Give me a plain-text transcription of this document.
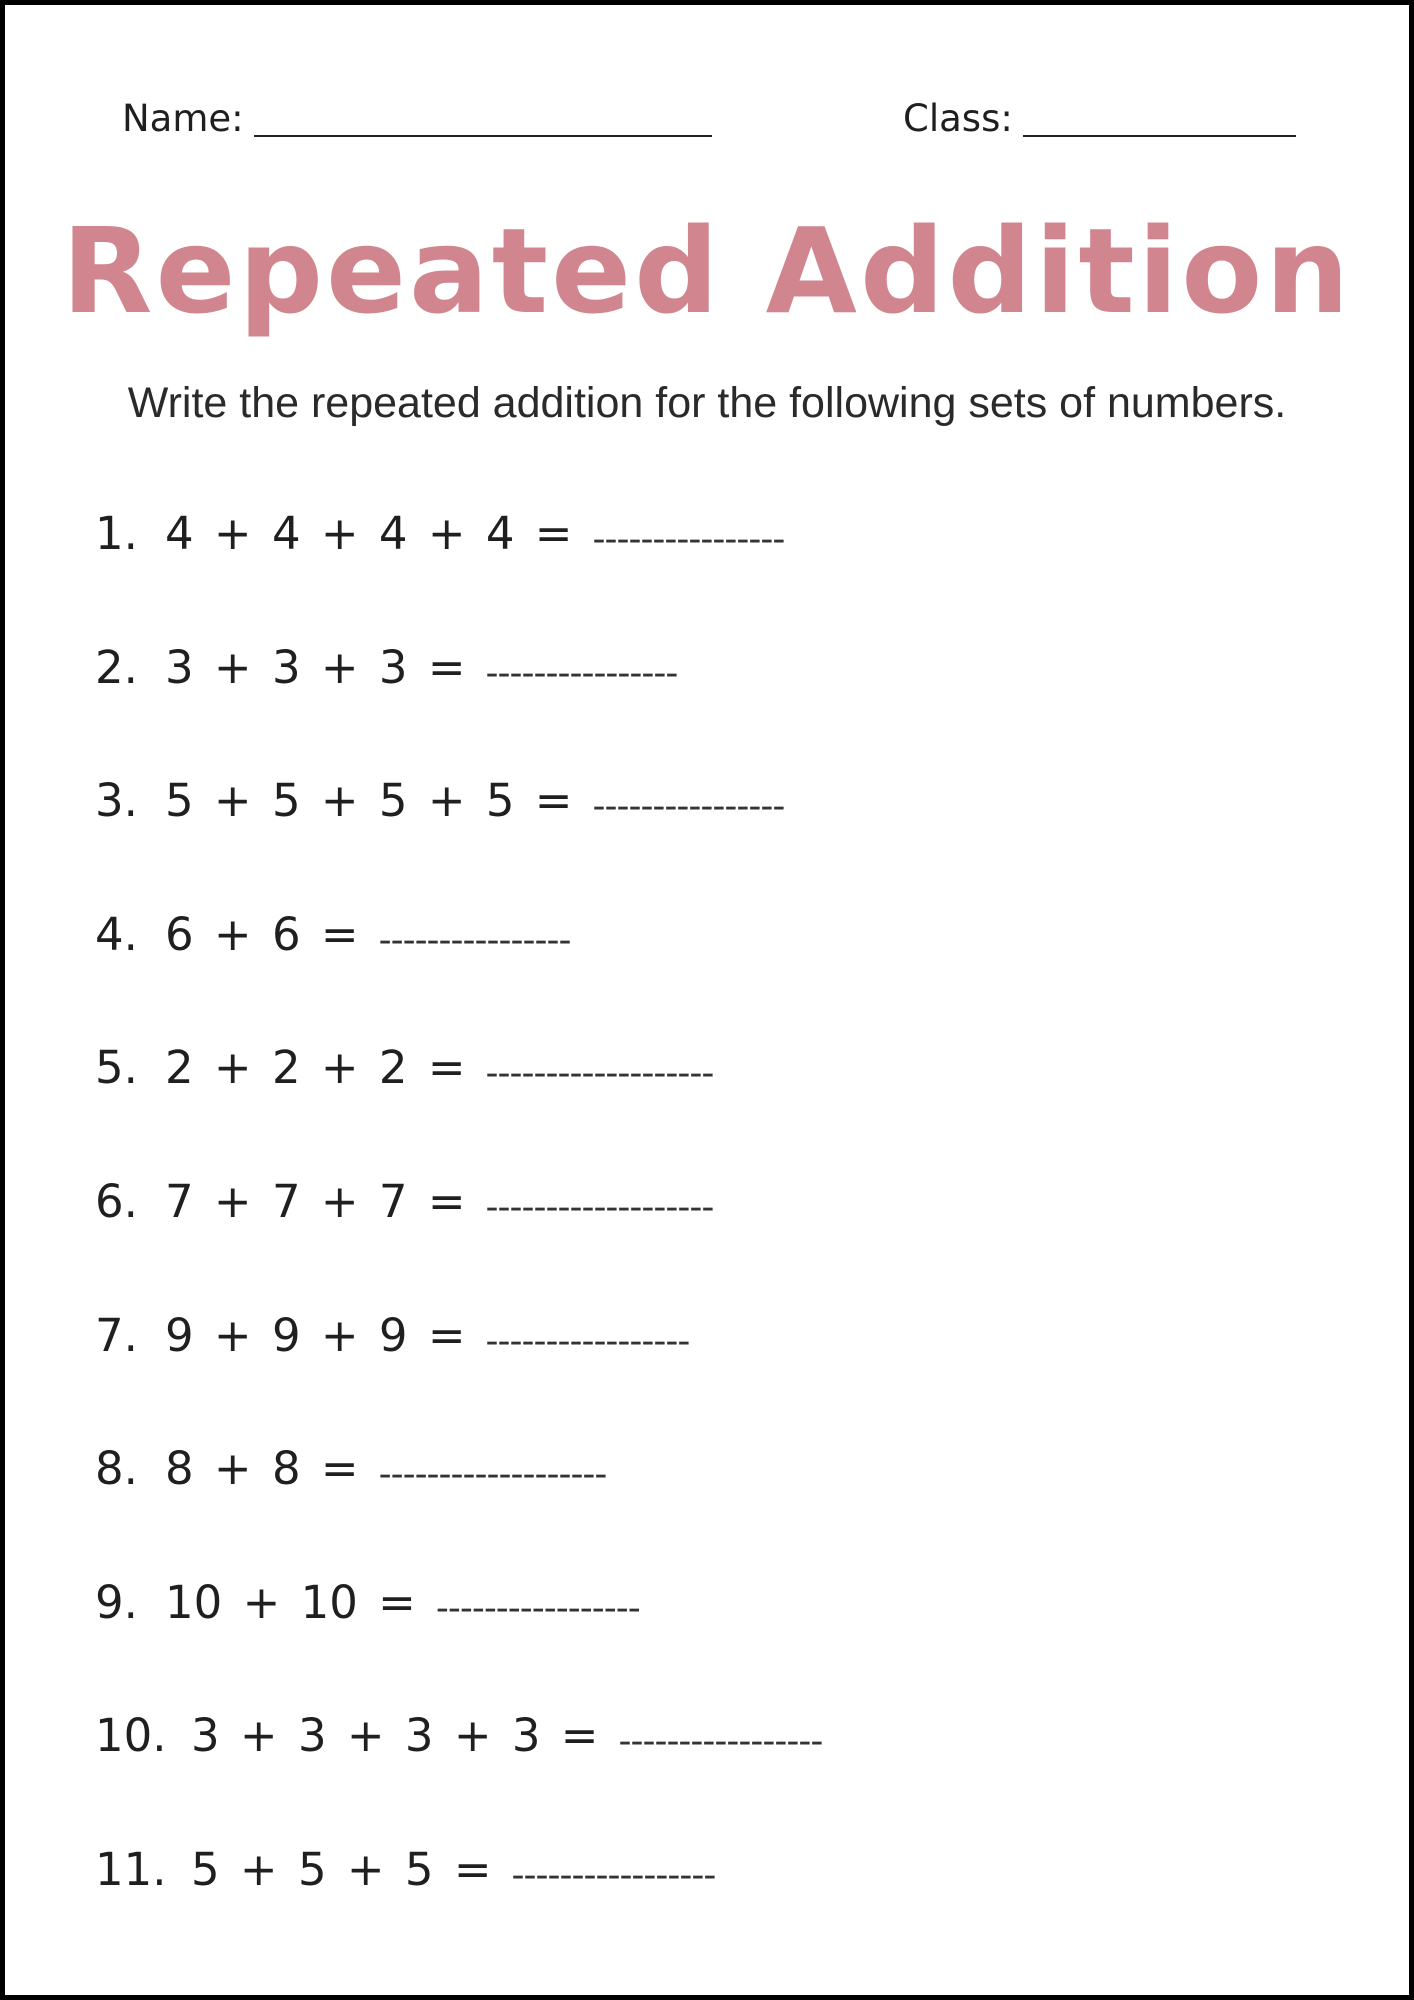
Name:	Class:
Repeated Addition
Write the repeated addition for the following sets of numbers.
1. 4 + 4 + 4 + 4 = ----------------
2. 3 + 3 + 3 = ----------------
3. 5 + 5 + 5 + 5 = ----------------
4. 6 + 6 = ----------------
5. 2 + 2 + 2 = -------------------
6. 7 + 7 + 7 = -------------------
7. 9 + 9 + 9 = -----------------
8. 8 + 8 = -------------------
9. 10 + 10 = -----------------
10. 3 + 3 + 3 + 3 = -----------------
11. 5 + 5 + 5 = -----------------
